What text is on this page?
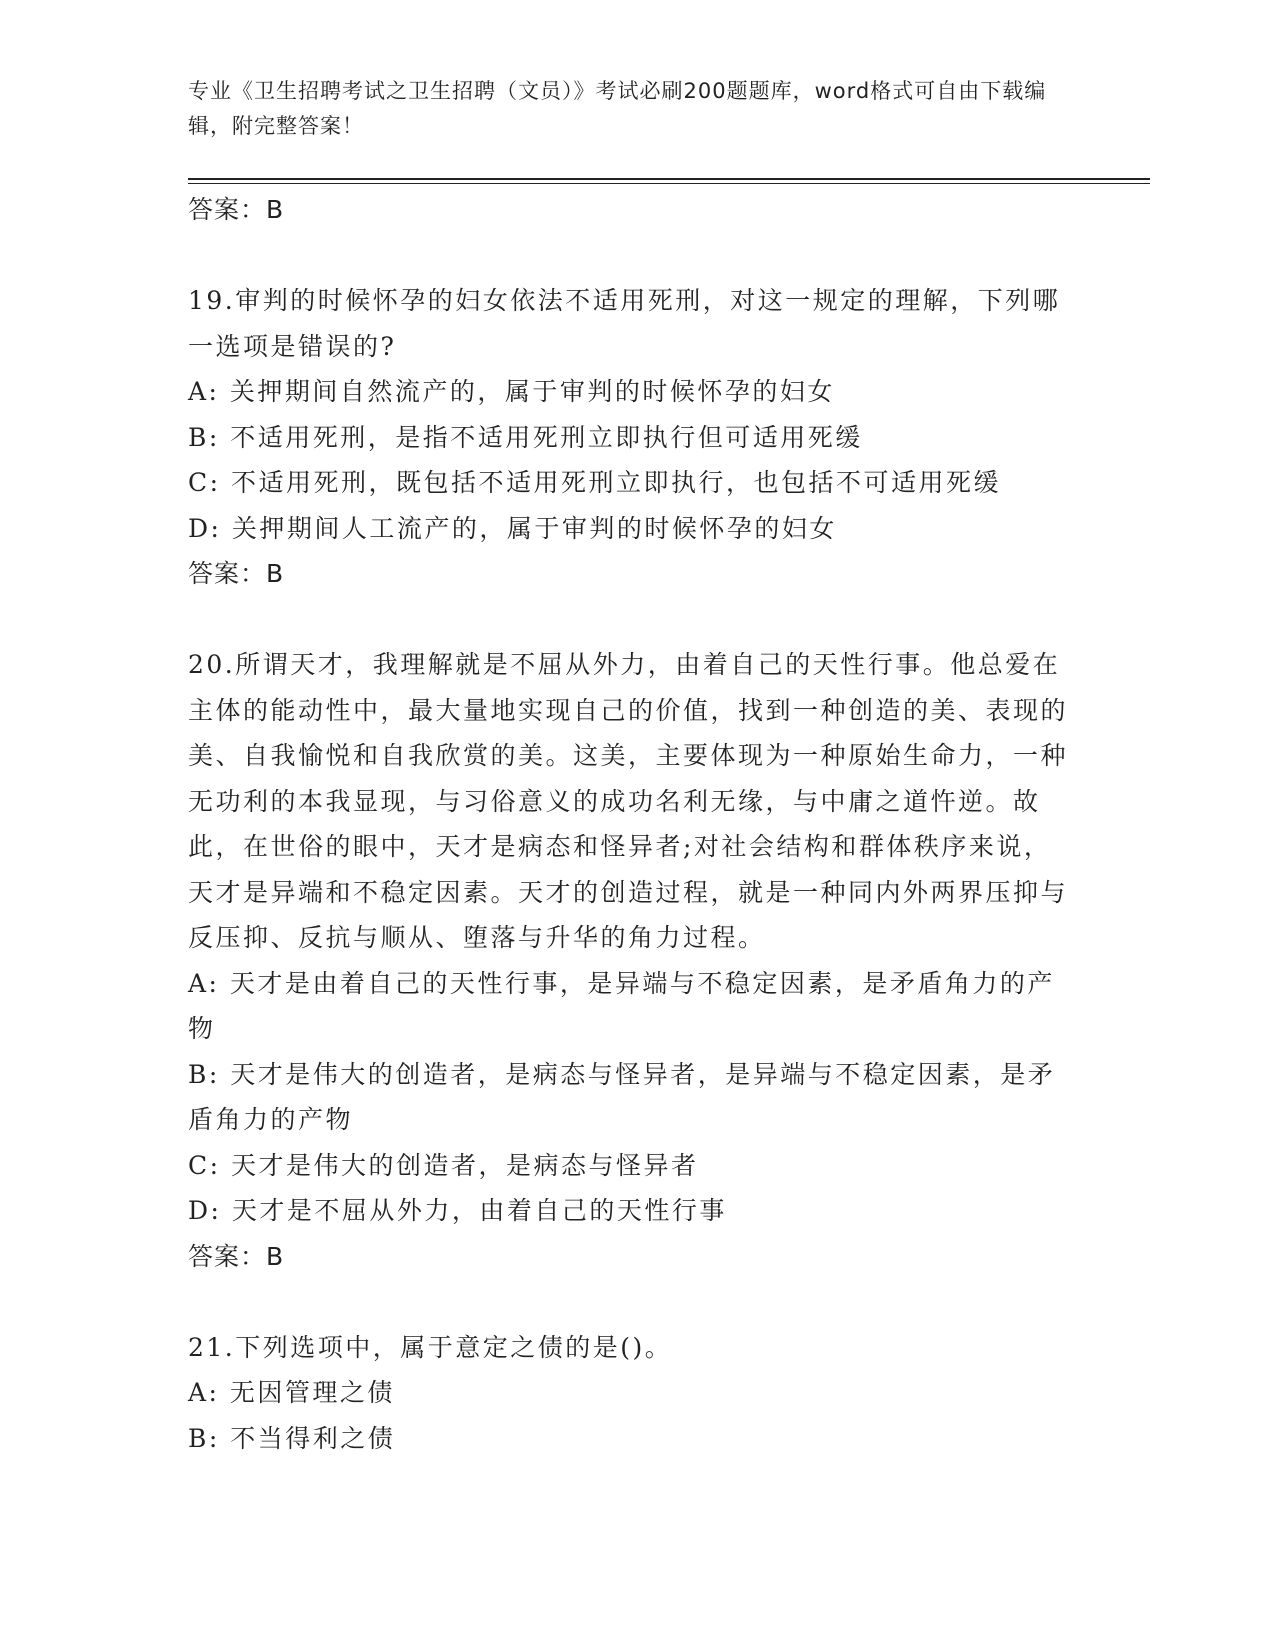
专业《卫生招聘考试之卫生招聘（文员）》考试必刷200题题库，word格式可自由下载编辑，附完整答案！

答案：B

19.审判的时候怀孕的妇女依法不适用死刑，对这一规定的理解，下列哪一选项是错误的?

A: 关押期间自然流产的，属于审判的时候怀孕的妇女

B: 不适用死刑，是指不适用死刑立即执行但可适用死缓

C: 不适用死刑，既包括不适用死刑立即执行，也包括不可适用死缓

D: 关押期间人工流产的，属于审判的时候怀孕的妇女

答案：B

20.所谓天才，我理解就是不屈从外力，由着自己的天性行事。他总爱在主体的能动性中，最大量地实现自己的价值，找到一种创造的美、表现的美、自我愉悦和自我欣赏的美。这美，主要体现为一种原始生命力，一种无功利的本我显现，与习俗意义的成功名利无缘，与中庸之道忤逆。故此，在世俗的眼中，天才是病态和怪异者;对社会结构和群体秩序来说，天才是异端和不稳定因素。天才的创造过程，就是一种同内外两界压抑与反压抑、反抗与顺从、堕落与升华的角力过程。

A: 天才是由着自己的天性行事，是异端与不稳定因素，是矛盾角力的产物

B: 天才是伟大的创造者，是病态与怪异者，是异端与不稳定因素，是矛盾角力的产物

C: 天才是伟大的创造者，是病态与怪异者

D: 天才是不屈从外力，由着自己的天性行事

答案：B

21.下列选项中，属于意定之债的是()。

A: 无因管理之债

B: 不当得利之债
